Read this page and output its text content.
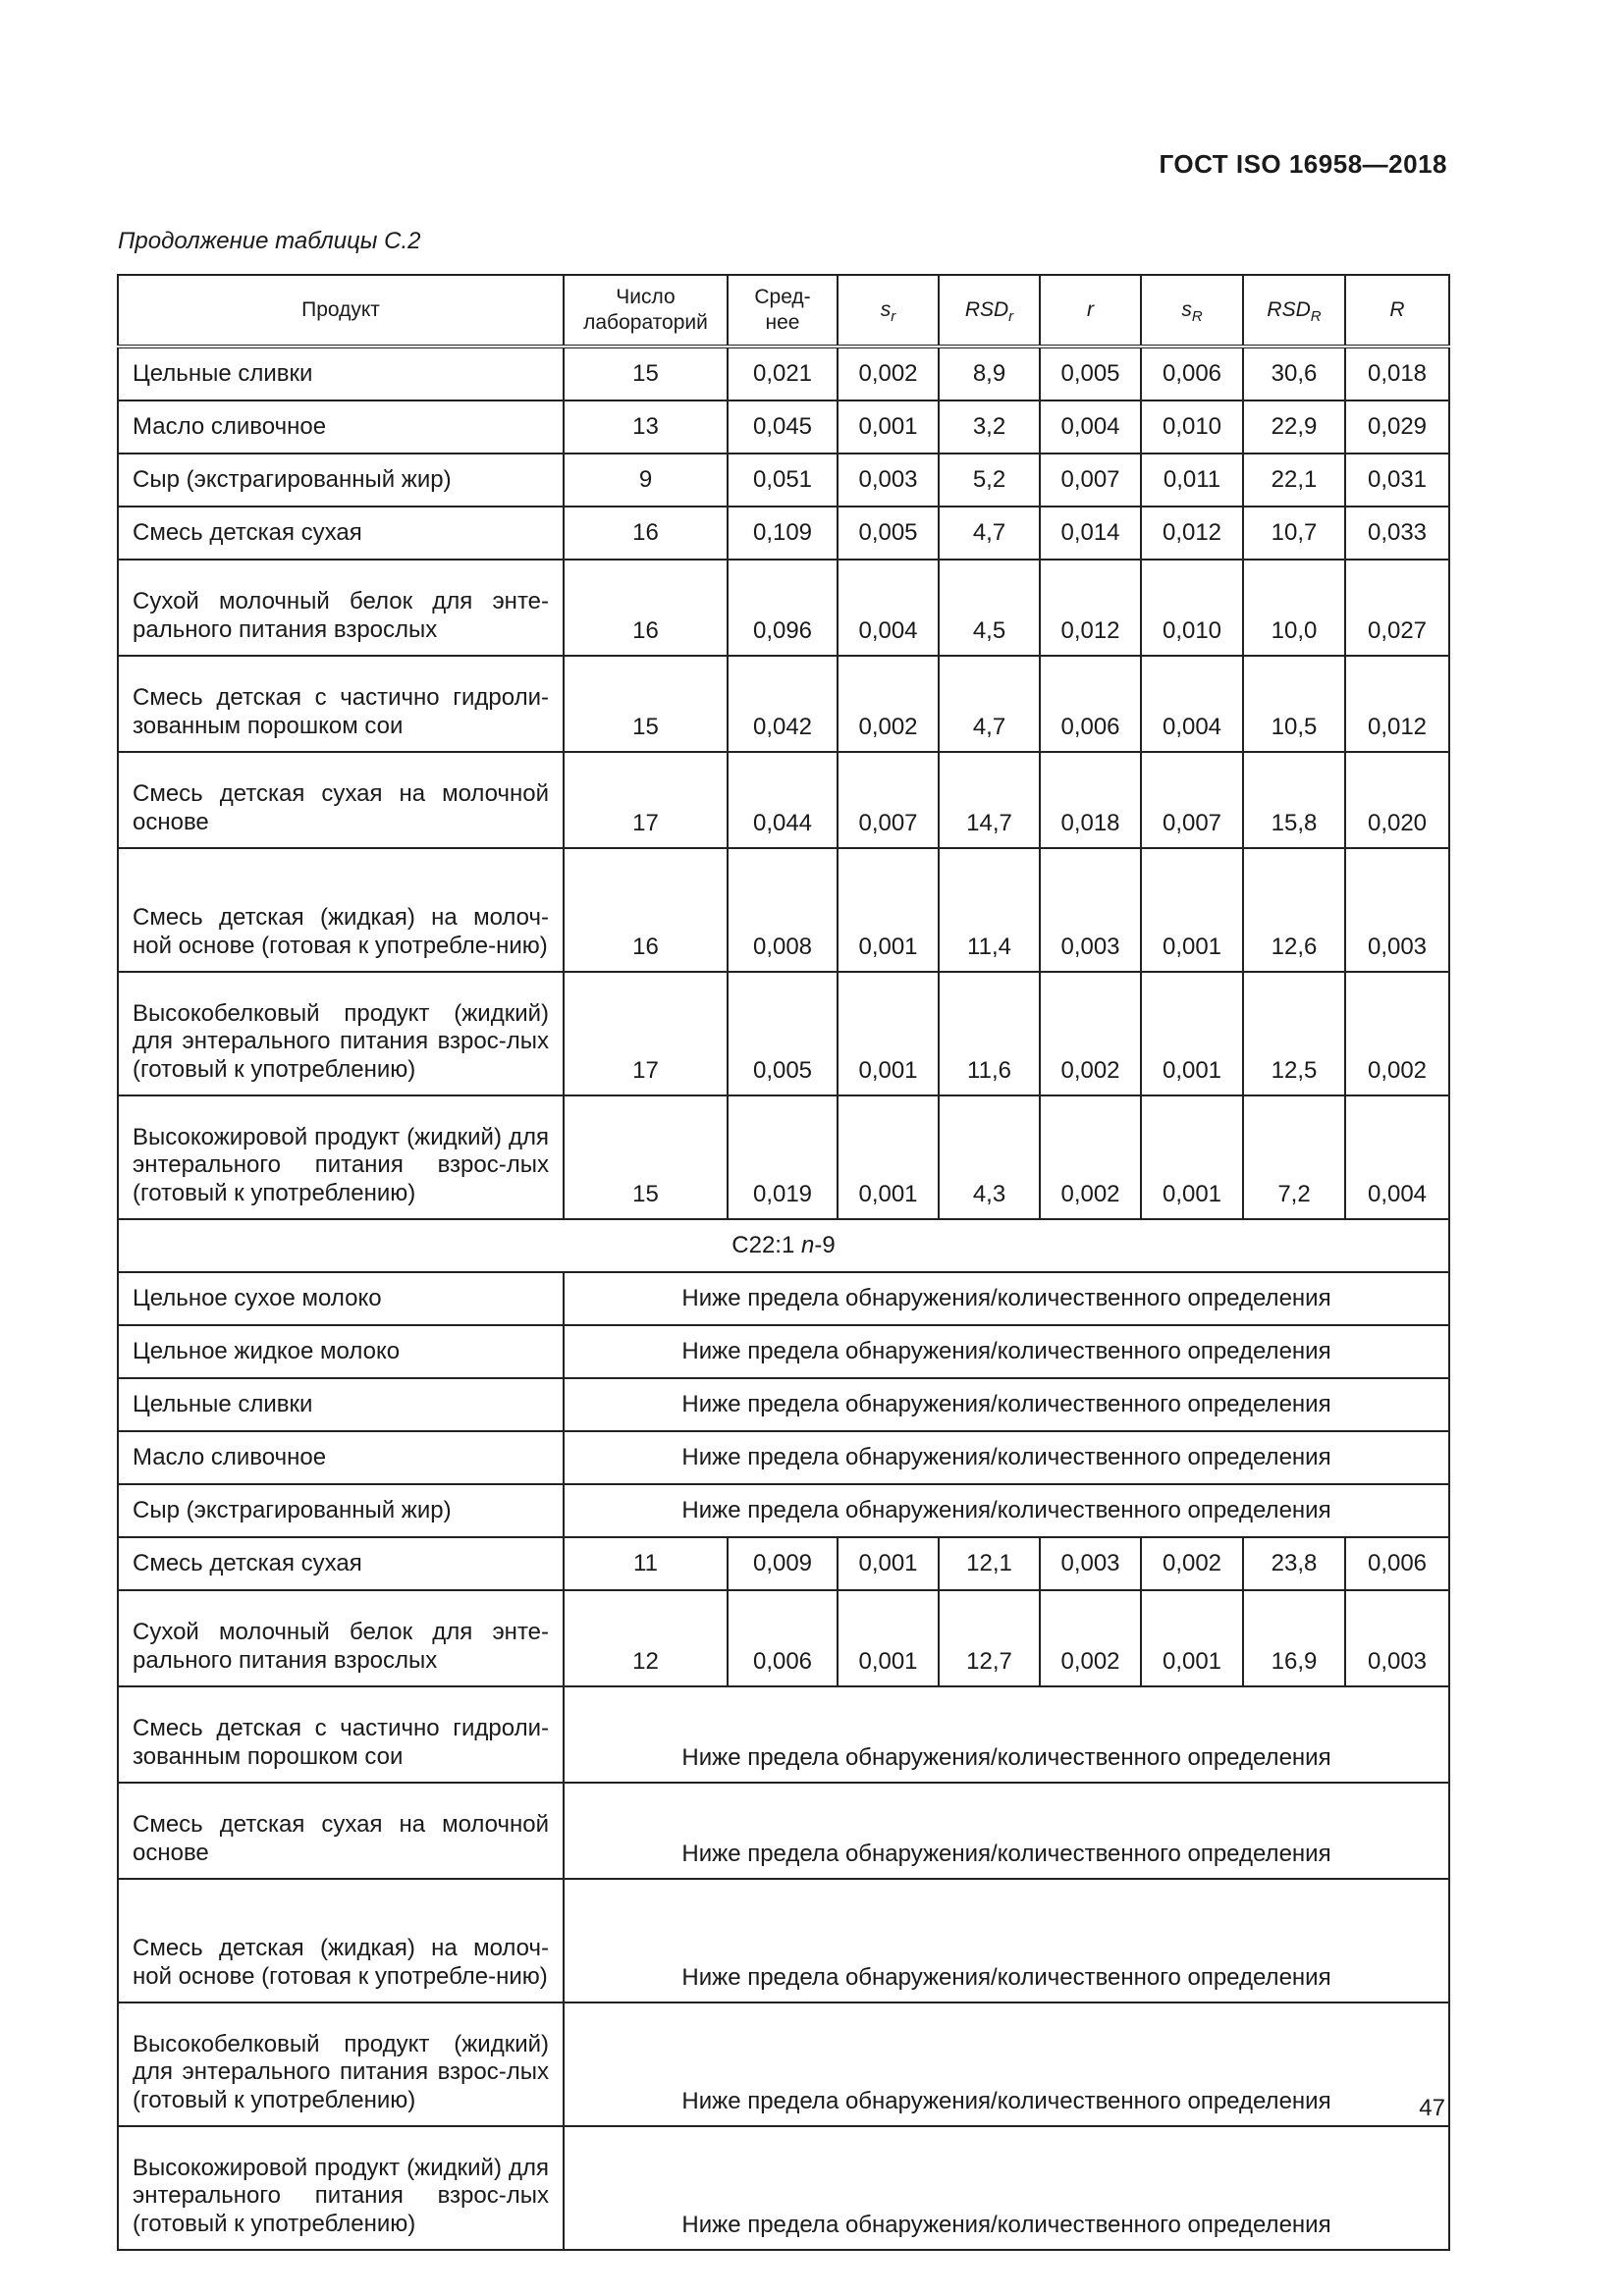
ГОСТ ISO 16958—2018
Продолжение таблицы С.2
Продукт	Число лабораторий	Сред-нее	$s_r$	$RSD_r$	r	$s_R$	$RSD_R$	R
Цельные сливки	15	0,021	0,002	8,9	0,005	0,006	30,6	0,018
Масло сливочное	13	0,045	0,001	3,2	0,004	0,010	22,9	0,029
Сыр (экстрагированный жир)	9	0,051	0,003	5,2	0,007	0,011	22,1	0,031
Смесь детская сухая	16	0,109	0,005	4,7	0,014	0,012	10,7	0,033
Сухой молочный белок для энте-рального питания взрослых	16	0,096	0,004	4,5	0,012	0,010	10,0	0,027
Смесь детская с частично гидроли-зованным порошком сои	15	0,042	0,002	4,7	0,006	0,004	10,5	0,012
Смесь детская сухая на молочной основе	17	0,044	0,007	14,7	0,018	0,007	15,8	0,020
Смесь детская (жидкая) на молоч-ной основе (готовая к употребле-нию)	16	0,008	0,001	11,4	0,003	0,001	12,6	0,003
Высокобелковый продукт (жидкий) для энтерального питания взрос-лых (готовый к употреблению)	17	0,005	0,001	11,6	0,002	0,001	12,5	0,002
Высокожировой продукт (жидкий) для энтерального питания взрос-лых (готовый к употреблению)	15	0,019	0,001	4,3	0,002	0,001	7,2	0,004
C22:1 n-9								
Цельное сухое молоко	Ниже предела обнаружения/количественного определения							
Цельное жидкое молоко	Ниже предела обнаружения/количественного определения							
Цельные сливки	Ниже предела обнаружения/количественного определения							
Масло сливочное	Ниже предела обнаружения/количественного определения							
Сыр (экстрагированный жир)	Ниже предела обнаружения/количественного определения							
Смесь детская сухая	11	0,009	0,001	12,1	0,003	0,002	23,8	0,006
Сухой молочный белок для энте-рального питания взрослых	12	0,006	0,001	12,7	0,002	0,001	16,9	0,003
Смесь детская с частично гидроли-зованным порошком сои	Ниже предела обнаружения/количественного определения							
Смесь детская сухая на молочной основе	Ниже предела обнаружения/количественного определения							
Смесь детская (жидкая) на молоч-ной основе (готовая к употребле-нию)	Ниже предела обнаружения/количественного определения							
Высокобелковый продукт (жидкий) для энтерального питания взрос-лых (готовый к употреблению)	Ниже предела обнаружения/количественного определения							
Высокожировой продукт (жидкий) для энтерального питания взрос-лых (готовый к употреблению)	Ниже предела обнаружения/количественного определения							
47
